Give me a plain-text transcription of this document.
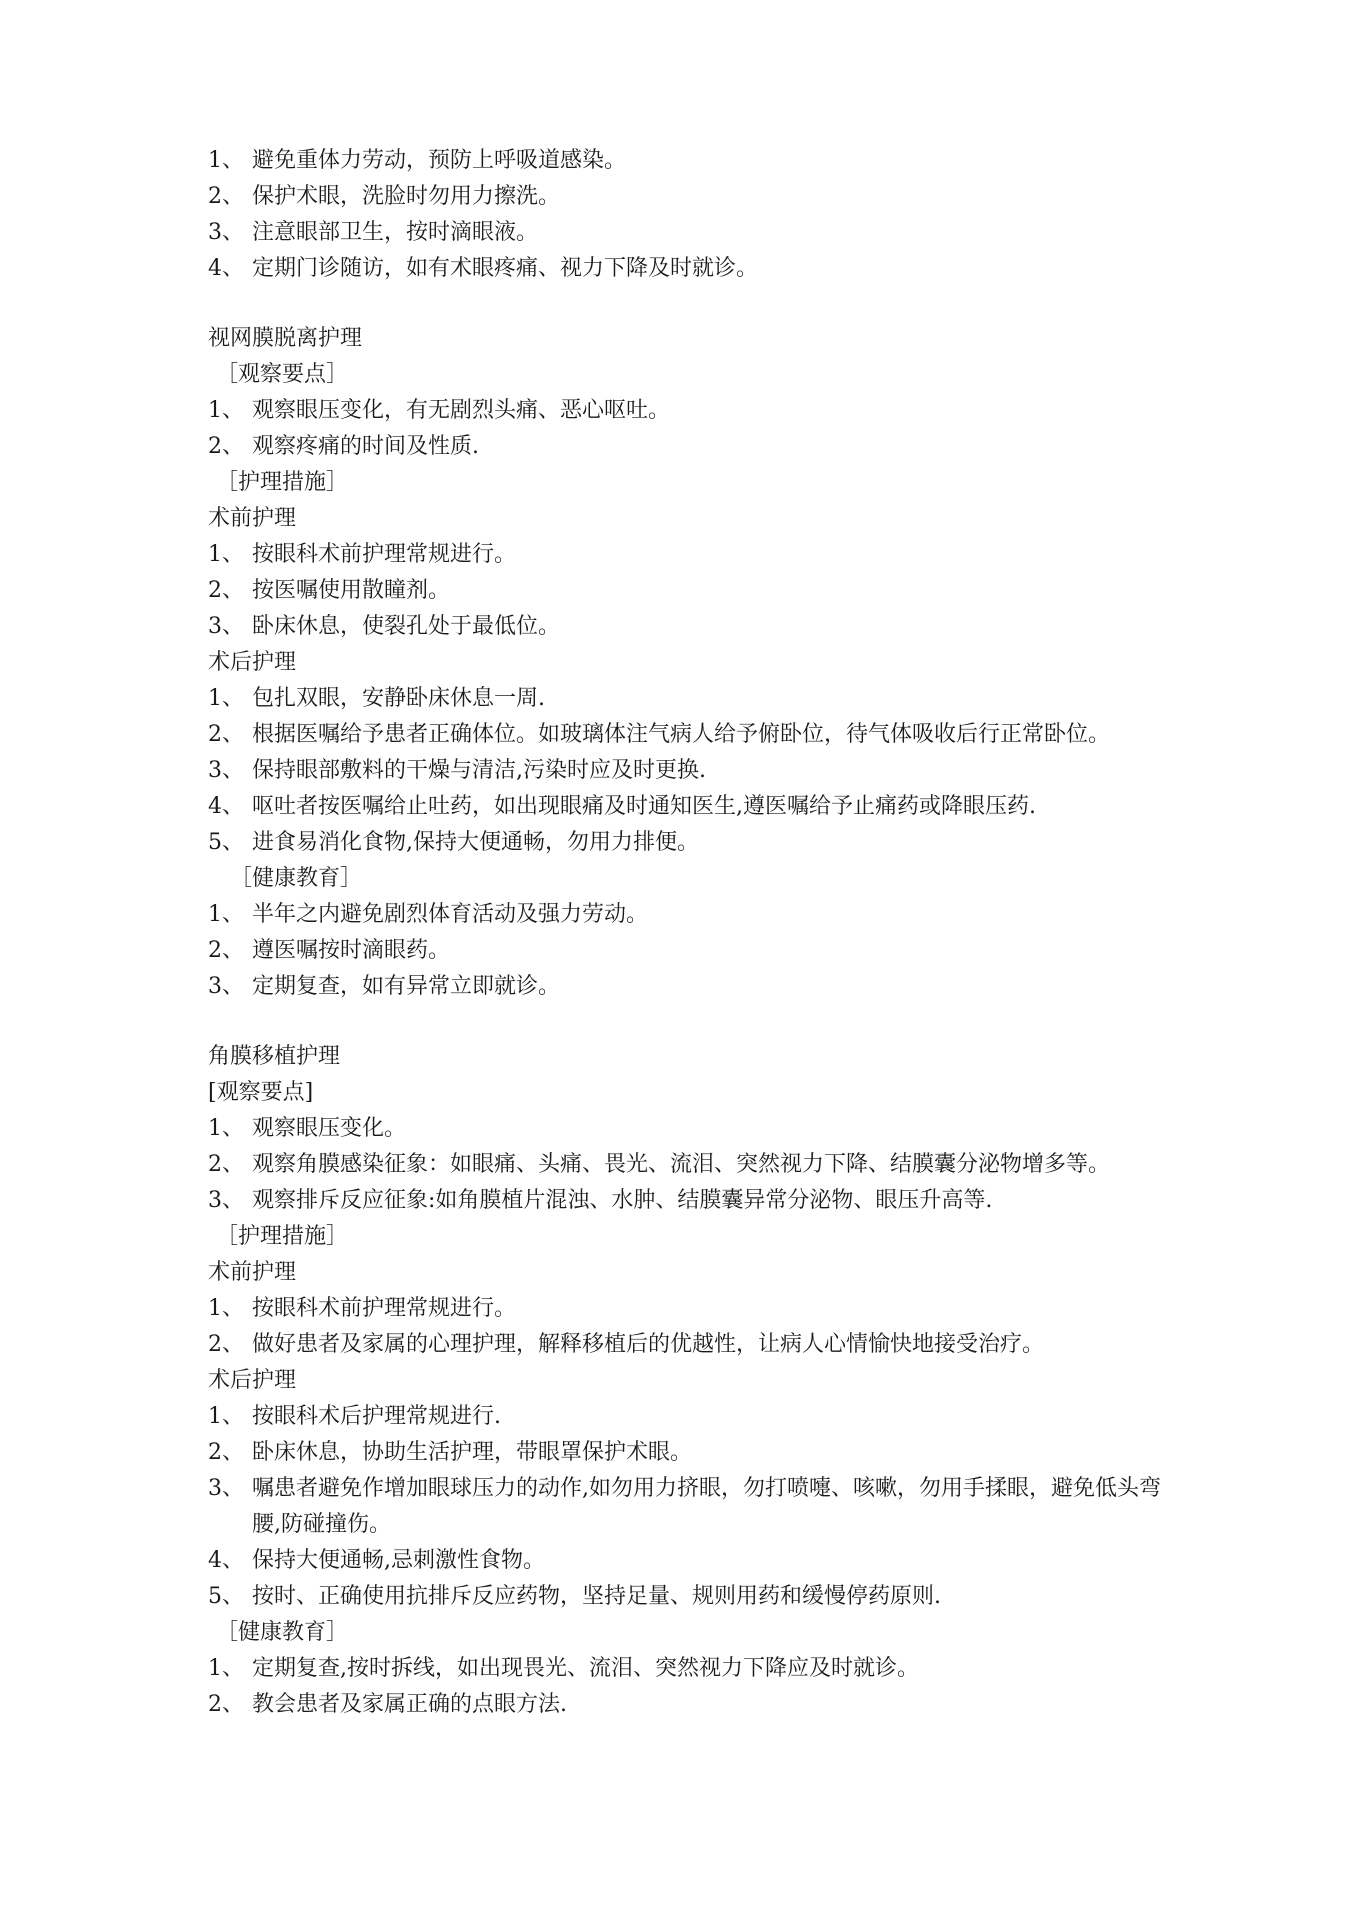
1、 避免重体力劳动，预防上呼吸道感染。
2、 保护术眼，洗脸时勿用力擦洗。
3、 注意眼部卫生，按时滴眼液。
4、 定期门诊随访，如有术眼疼痛、视力下降及时就诊。
视网膜脱离护理
［观察要点］
1、 观察眼压变化，有无剧烈头痛、恶心呕吐。
2、 观察疼痛的时间及性质.
［护理措施］
术前护理
1、 按眼科术前护理常规进行。
2、 按医嘱使用散瞳剂。
3、 卧床休息，使裂孔处于最低位。
术后护理
1、 包扎双眼，安静卧床休息一周.
2、 根据医嘱给予患者正确体位。如玻璃体注气病人给予俯卧位，待气体吸收后行正常卧位。
3、 保持眼部敷料的干燥与清洁,污染时应及时更换.
4、 呕吐者按医嘱给止吐药，如出现眼痛及时通知医生,遵医嘱给予止痛药或降眼压药.
5、 进食易消化食物,保持大便通畅，勿用力排便。
［健康教育］
1、 半年之内避免剧烈体育活动及强力劳动。
2、 遵医嘱按时滴眼药。
3、 定期复查，如有异常立即就诊。
角膜移植护理
[观察要点]
1、 观察眼压变化。
2、 观察角膜感染征象：如眼痛、头痛、畏光、流泪、突然视力下降、结膜囊分泌物增多等。
3、 观察排斥反应征象:如角膜植片混浊、水肿、结膜囊异常分泌物、眼压升高等.
［护理措施］
术前护理
1、 按眼科术前护理常规进行。
2、 做好患者及家属的心理护理，解释移植后的优越性，让病人心情愉快地接受治疗。
术后护理
1、 按眼科术后护理常规进行.
2、 卧床休息，协助生活护理，带眼罩保护术眼。
3、 嘱患者避免作增加眼球压力的动作,如勿用力挤眼，勿打喷嚏、咳嗽，勿用手揉眼，避免低头弯腰,防碰撞伤。
4、 保持大便通畅,忌刺激性食物。
5、 按时、正确使用抗排斥反应药物，坚持足量、规则用药和缓慢停药原则.
［健康教育］
1、 定期复查,按时拆线，如出现畏光、流泪、突然视力下降应及时就诊。
2、 教会患者及家属正确的点眼方法.
